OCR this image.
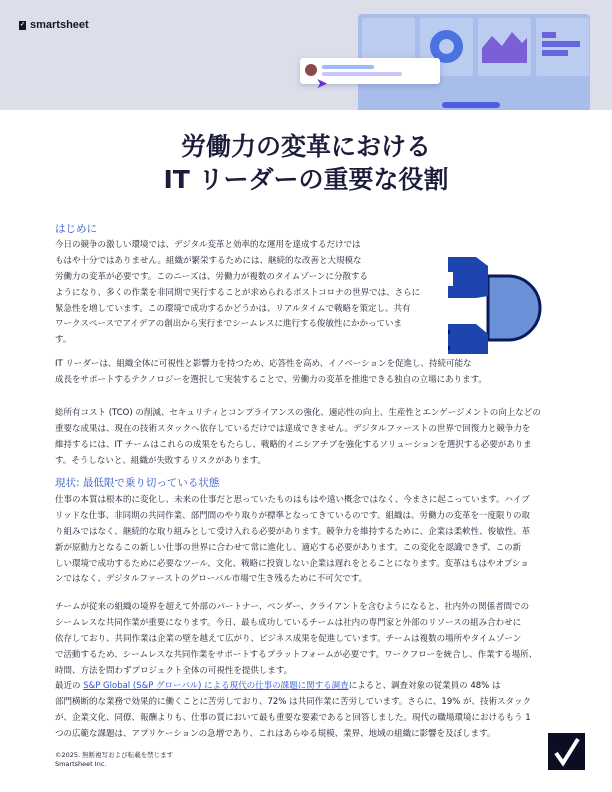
✓ smartsheet
➤
労働力の変革における
IT リーダーの重要な役割
はじめに
今日の競争の激しい環境では、デジタル変革と効率的な運用を達成するだけでは
もはや十分ではありません。組織が繁栄するためには、継続的な改善と大規模な
労働力の変革が必要です。このニーズは、労働力が複数のタイムゾーンに分散する
ようになり、多くの作業を非同期で実行することが求められるポストコロナの世界では、さらに
緊急性を増しています。この環境で成功するかどうかは、リアルタイムで戦略を策定し、共有
ワークスペースでアイデアの創出から実行までシームレスに進行する俊敏性にかかっていま
す。
IT リーダーは、組織全体に可視性と影響力を持つため、応答性を高め、イノベーションを促進し、持続可能な
成長をサポートするテクノロジーを選択して実装することで、労働力の変革を推進できる独自の立場にあります。
総所有コスト (TCO) の削減、セキュリティとコンプライアンスの強化、適応性の向上、生産性とエンゲージメントの向上などの
重要な成果は、現在の技術スタックへ依存しているだけでは達成できません。デジタルファーストの世界で回復力と競争力を
維持するには、IT チームはこれらの成果をもたらし、戦略的イニシアチブを強化するソリューションを選択する必要がありま
す。そうしないと、組織が失敗するリスクがあります。
現状: 最低限で乗り切っている状態
仕事の本質は根本的に変化し、未来の仕事だと思っていたものはもはや遠い概念ではなく、今まさに起こっています。ハイブ
リッドな仕事、非同期の共同作業、部門間のやり取りが標準となってきているのです。組織は、労働力の変革を一度限りの取
り組みではなく、継続的な取り組みとして受け入れる必要があります。競争力を維持するために、企業は柔軟性、俊敏性、革
新が原動力となるこの新しい仕事の世界に合わせて常に進化し、適応する必要があります。この変化を認識できず、この新
しい環境で成功するために必要なツール、文化、戦略に投資しない企業は遅れをとることになります。変革はもはやオプショ
ンではなく、デジタルファーストのグローバル市場で生き残るために不可欠です。
チームが従来の組織の境界を超えて外部のパートナー、ベンダー、クライアントを含むようになると、社内外の関係者間での
シームレスな共同作業が重要になります。今日、最も成功しているチームは社内の専門家と外部のリソースの組み合わせに
依存しており、共同作業は企業の壁を越えて広がり、ビジネス成果を促進しています。チームは複数の場所やタイムゾーン
で活動するため、シームレスな共同作業をサポートするプラットフォームが必要です。ワークフローを統合し、作業する場所、
時間、方法を問わずプロジェクト全体の可視性を提供します。
最近の S&P Global (S&P グローバル) による現代の仕事の課題に関する調査によると、調査対象の従業員の 48% は
部門横断的な業務で効果的に働くことに苦労しており、72% は共同作業に苦労しています。さらに、19% が、技術スタック
が、企業文化、同僚、報酬よりも、仕事の質において最も重要な要素であると回答しました。現代の職場環境におけるもう 1
つの広範な課題は、アプリケーションの急増であり、これはあらゆる規模、業界、地域の組織に影響を及ぼします。
©2025. 無断複写および転載を禁じます
Smartsheet Inc.
